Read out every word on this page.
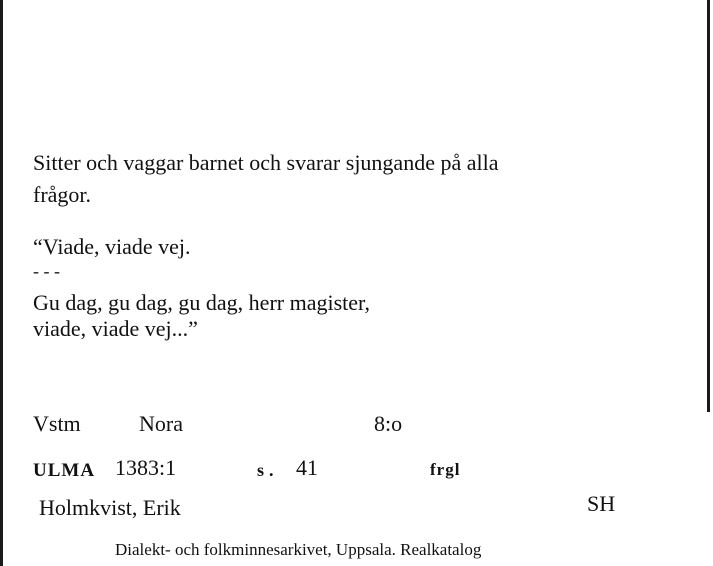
Sitter och vaggar barnet och svarar sjungande på alla
frågor.
“Viade, viade vej.
- - -
Gu dag, gu dag, gu dag, herr magister,
viade, viade vej...”
Vstm	Nora	8:o
ULMA 1383:1	s. 41	frgl
Holmkvist, Erik	SH
Dialekt- och folkminnesarkivet, Uppsala. Realkatalog
